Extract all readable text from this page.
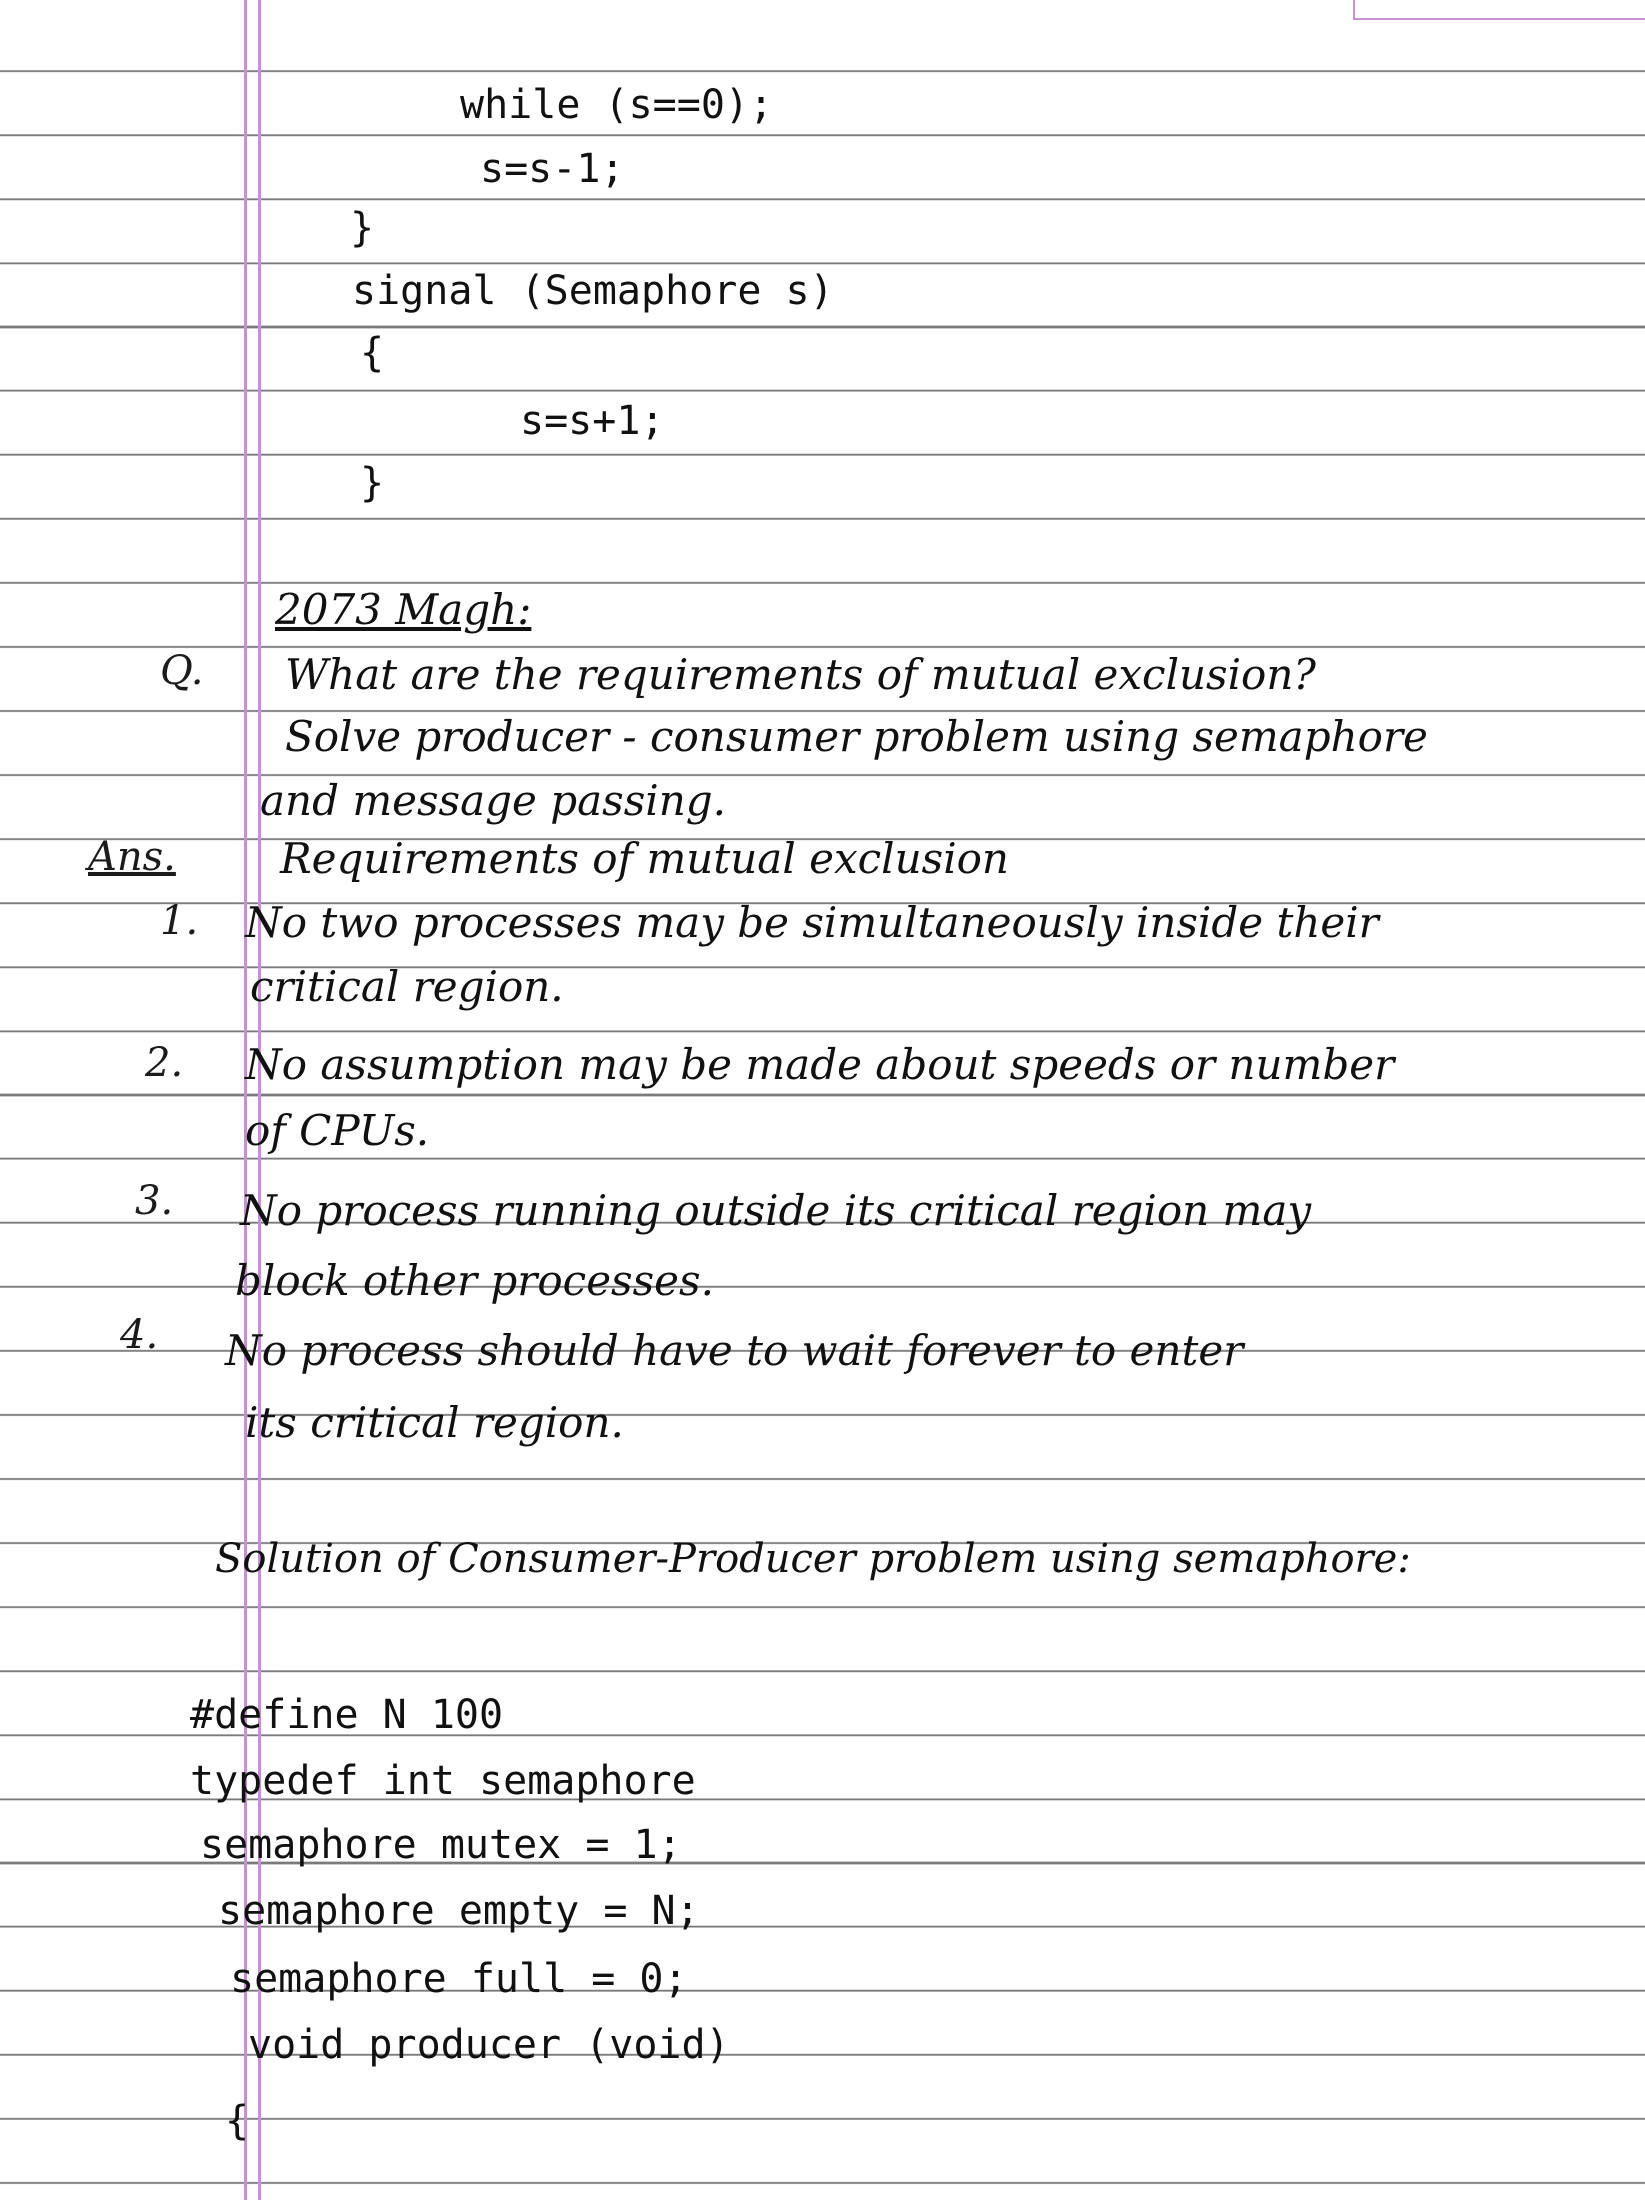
while (s==0);
s=s-1;
}
signal (Semaphore s)
{
s=s+1;
}
2073 Magh:
Q. What are the requirements of mutual exclusion?
Solve producer - consumer problem using semaphore
and message passing.
Ans. Requirements of mutual exclusion
1. No two processes may be simultaneously inside their
critical region.
2. No assumption may be made about speeds or number
of CPUs.
3. No process running outside its critical region may
block other processes.
4. No process should have to wait forever to enter
its critical region.
Solution of Consumer-Producer problem using semaphore:
#define N 100
typedef int semaphore
semaphore mutex = 1;
semaphore empty = N;
semaphore full = 0;
void producer (void)
{
